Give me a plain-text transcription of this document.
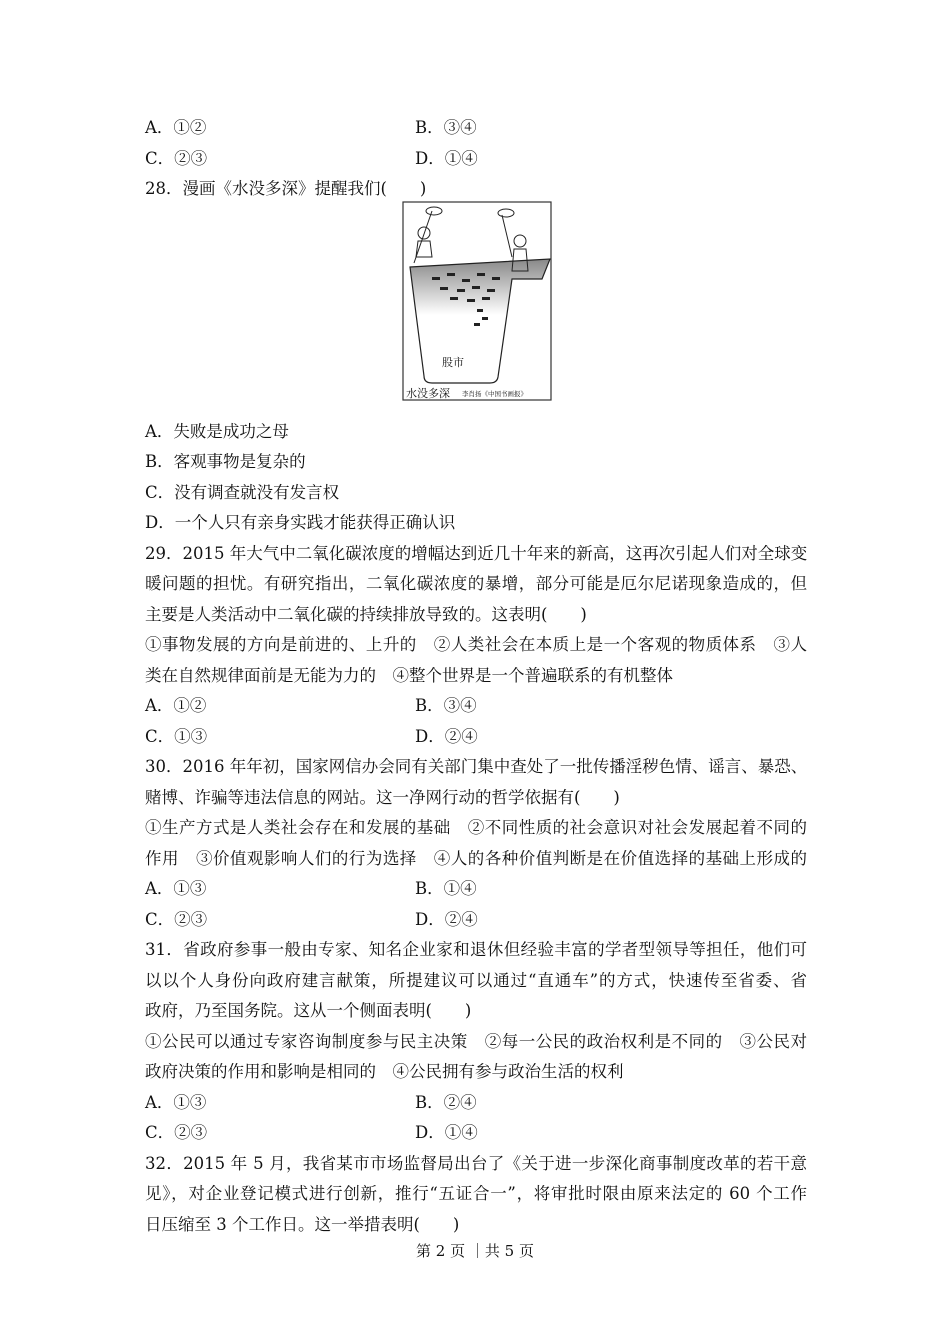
A．①②	B．③④
C．②③	D．①④
28．漫画《水没多深》提醒我们(　　)
股市
水没多深 李肖扬《中国书画报》
A．失败是成功之母
B．客观事物是复杂的
C．没有调查就没有发言权
D．一个人只有亲身实践才能获得正确认识
29．2015 年大气中二氧化碳浓度的增幅达到近几十年来的新高，这再次引起人们对全球变
暖问题的担忧。有研究指出，二氧化碳浓度的暴增，部分可能是厄尔尼诺现象造成的，但
主要是人类活动中二氧化碳的持续排放导致的。这表明(　　)
①事物发展的方向是前进的、上升的　②人类社会在本质上是一个客观的物质体系　③人
类在自然规律面前是无能为力的　④整个世界是一个普遍联系的有机整体
A．①②	B．③④
C．①③	D．②④
30．2016 年年初，国家网信办会同有关部门集中查处了一批传播淫秽色情、谣言、暴恐、
赌博、诈骗等违法信息的网站。这一净网行动的哲学依据有(　　)
①生产方式是人类社会存在和发展的基础　②不同性质的社会意识对社会发展起着不同的
作用　③价值观影响人们的行为选择　④人的各种价值判断是在价值选择的基础上形成的
A．①③	B．①④
C．②③	D．②④
31．省政府参事一般由专家、知名企业家和退休但经验丰富的学者型领导等担任，他们可
以以个人身份向政府建言献策，所提建议可以通过“直通车”的方式，快速传至省委、省
政府，乃至国务院。这从一个侧面表明(　　)
①公民可以通过专家咨询制度参与民主决策　②每一公民的政治权利是不同的　③公民对
政府决策的作用和影响是相同的　④公民拥有参与政治生活的权利
A．①③	B．②④
C．②③	D．①④
32．2015 年 5 月，我省某市市场监督局出台了《关于进一步深化商事制度改革的若干意
见》，对企业登记模式进行创新，推行“五证合一”，将审批时限由原来法定的 60 个工作
日压缩至 3 个工作日。这一举措表明(　　)
第 2 页 ｜共 5 页
